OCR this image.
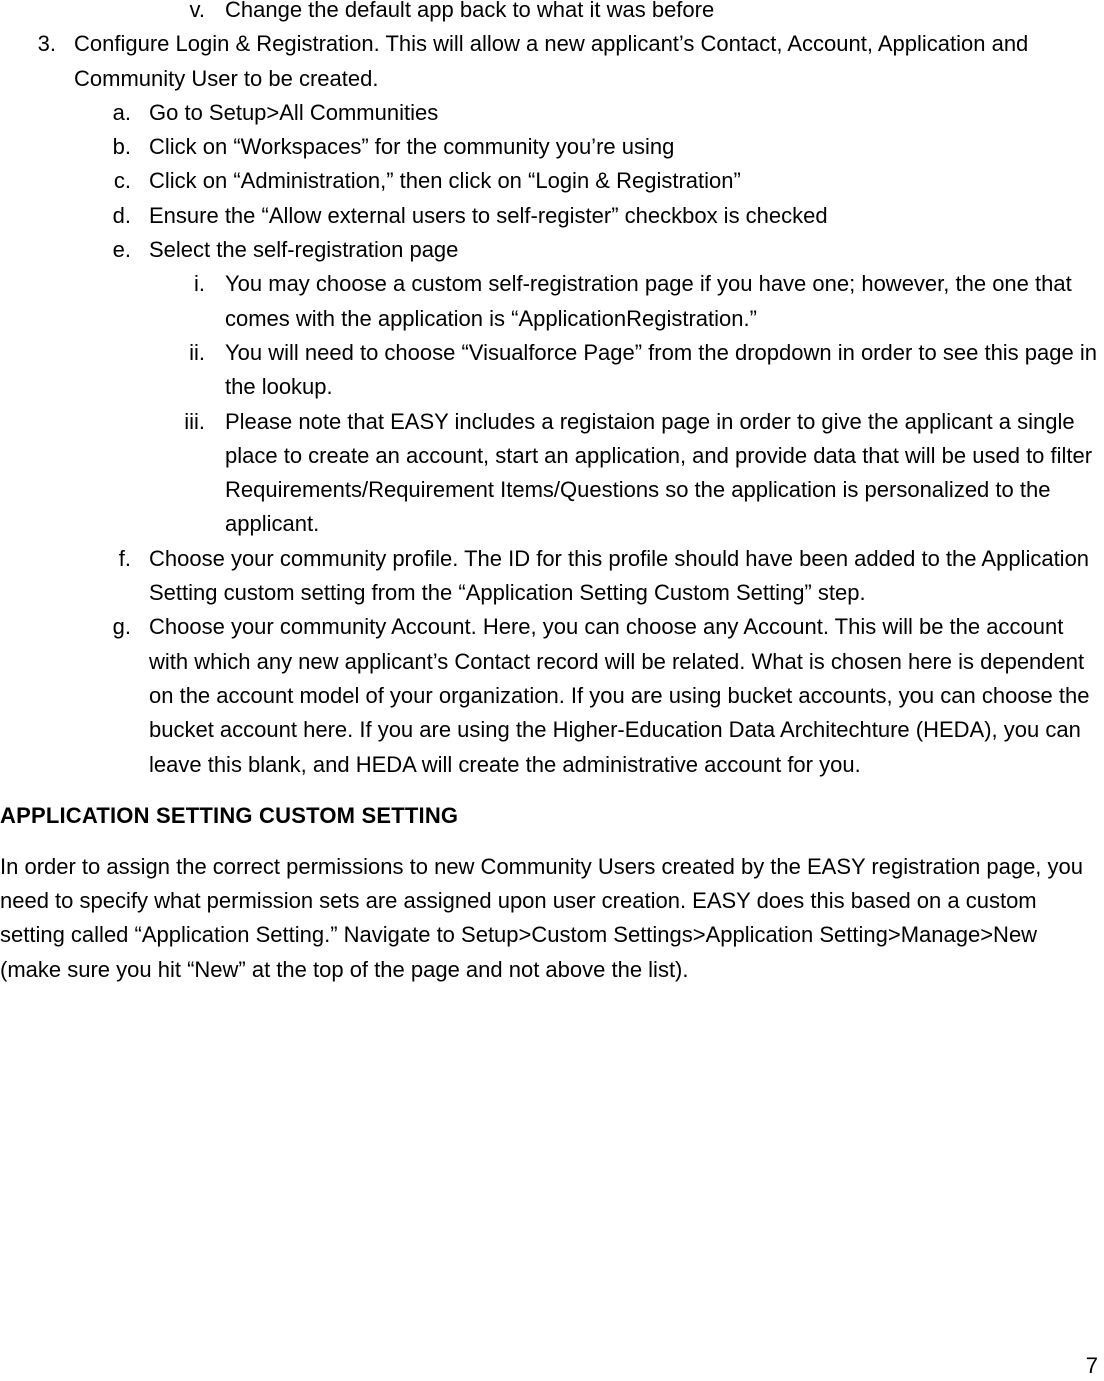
v. Change the default app back to what it was before
3. Configure Login & Registration. This will allow a new applicant’s Contact, Account, Application and Community User to be created.
a. Go to Setup>All Communities
b. Click on “Workspaces” for the community you’re using
c. Click on “Administration,” then click on “Login & Registration”
d. Ensure the “Allow external users to self-register” checkbox is checked
e. Select the self-registration page
i. You may choose a custom self-registration page if you have one; however, the one that comes with the application is “ApplicationRegistration.”
ii. You will need to choose “Visualforce Page” from the dropdown in order to see this page in the lookup.
iii. Please note that EASY includes a registaion page in order to give the applicant a single place to create an account, start an application, and provide data that will be used to filter Requirements/Requirement Items/Questions so the application is personalized to the applicant.
f. Choose your community profile. The ID for this profile should have been added to the Application Setting custom setting from the “Application Setting Custom Setting” step.
g. Choose your community Account. Here, you can choose any Account. This will be the account with which any new applicant’s Contact record will be related. What is chosen here is dependent on the account model of your organization. If you are using bucket accounts, you can choose the bucket account here. If you are using the Higher-Education Data Architechture (HEDA), you can leave this blank, and HEDA will create the administrative account for you.
APPLICATION SETTING CUSTOM SETTING

In order to assign the correct permissions to new Community Users created by the EASY registration page, you need to specify what permission sets are assigned upon user creation. EASY does this based on a custom setting called “Application Setting.” Navigate to Setup>Custom Settings>Application Setting>Manage>New (make sure you hit “New” at the top of the page and not above the list).

7
